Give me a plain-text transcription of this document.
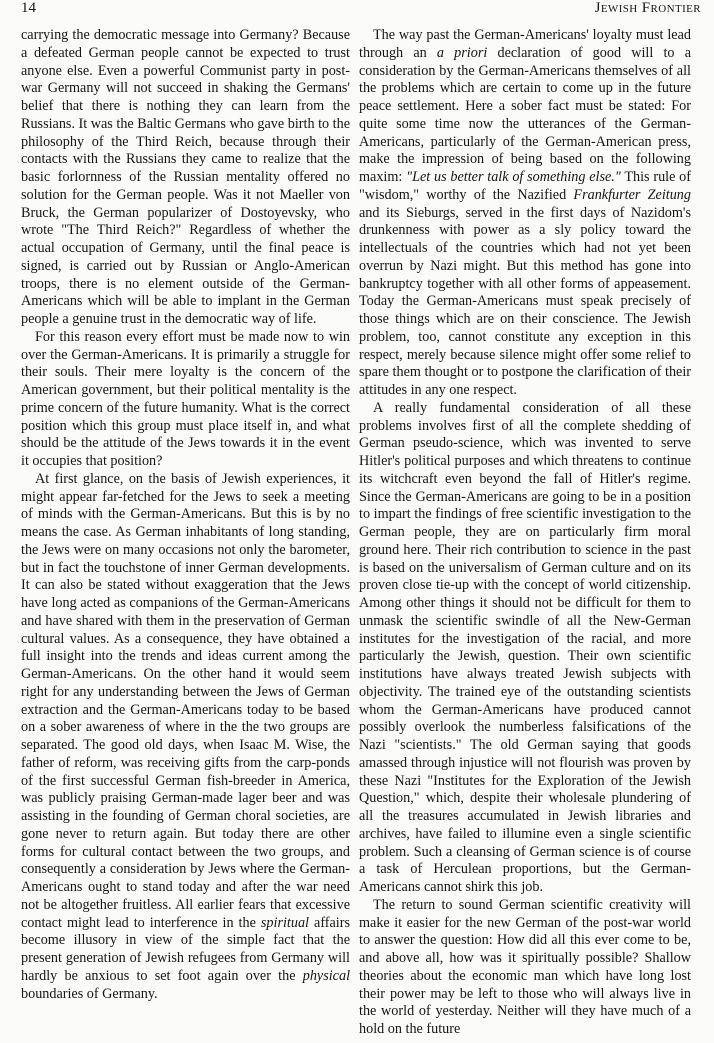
14	Jewish Frontier

carrying the democratic message into Germany? Because a defeated German people cannot be expected to trust anyone else. Even a powerful Communist party in post-war Germany will not succeed in shaking the Germans' belief that there is nothing they can learn from the Russians. It was the Baltic Germans who gave birth to the philosophy of the Third Reich, because through their contacts with the Russians they came to realize that the basic forlornness of the Russian mentality offered no solution for the German people. Was it not Maeller von Bruck, the German popularizer of Dostoyevsky, who wrote "The Third Reich?" Regardless of whether the actual occupation of Germany, until the final peace is signed, is carried out by Russian or Anglo-American troops, there is no element outside of the German-Americans which will be able to implant in the German people a genuine trust in the democratic way of life.

For this reason every effort must be made now to win over the German-Americans. It is primarily a struggle for their souls. Their mere loyalty is the concern of the American government, but their political mentality is the prime concern of the future humanity. What is the correct position which this group must place itself in, and what should be the attitude of the Jews towards it in the event it occupies that position?

At first glance, on the basis of Jewish experiences, it might appear far-fetched for the Jews to seek a meeting of minds with the German-Americans. But this is by no means the case. As German inhabitants of long standing, the Jews were on many occasions not only the barometer, but in fact the touchstone of inner German developments. It can also be stated without exaggeration that the Jews have long acted as companions of the German-Americans and have shared with them in the preservation of German cultural values. As a consequence, they have obtained a full insight into the trends and ideas current among the German-Americans. On the other hand it would seem right for any understanding between the Jews of German extraction and the German-Americans today to be based on a sober awareness of where in the the two groups are separated. The good old days, when Isaac M. Wise, the father of reform, was receiving gifts from the carp-ponds of the first successful German fish-breeder in America, was publicly praising German-made lager beer and was assisting in the founding of German choral societies, are gone never to return again. But today there are other forms for cultural contact between the two groups, and consequently a consideration by Jews where the German-Americans ought to stand today and after the war need not be altogether fruitless. All earlier fears that excessive contact might lead to interference in the spiritual affairs become illusory in view of the simple fact that the present generation of Jewish refugees from Germany will hardly be anxious to set foot again over the physical boundaries of Germany.

The way past the German-Americans' loyalty must lead through an a priori declaration of good will to a consideration by the German-Americans themselves of all the problems which are certain to come up in the future peace settlement. Here a sober fact must be stated: For quite some time now the utterances of the German-Americans, particularly of the German-American press, make the impression of being based on the following maxim: "Let us better talk of something else." This rule of "wisdom," worthy of the Nazified Frankfurter Zeitung and its Sieburgs, served in the first days of Nazidom's drunkenness with power as a sly policy toward the intellectuals of the countries which had not yet been overrun by Nazi might. But this method has gone into bankruptcy together with all other forms of appeasement. Today the German-Americans must speak precisely of those things which are on their conscience. The Jewish problem, too, cannot constitute any exception in this respect, merely because silence might offer some relief to spare them thought or to postpone the clarification of their attitudes in any one respect.

A really fundamental consideration of all these problems involves first of all the complete shedding of German pseudo-science, which was invented to serve Hitler's political purposes and which threatens to continue its witchcraft even beyond the fall of Hitler's regime. Since the German-Americans are going to be in a position to impart the findings of free scientific investigation to the German people, they are on particularly firm moral ground here. Their rich contribution to science in the past is based on the universalism of German culture and on its proven close tie-up with the concept of world citizenship. Among other things it should not be difficult for them to unmask the scientific swindle of all the New-German institutes for the investigation of the racial, and more particularly the Jewish, question. Their own scientific institutions have always treated Jewish subjects with objectivity. The trained eye of the outstanding scientists whom the German-Americans have produced cannot possibly overlook the numberless falsifications of the Nazi "scientists." The old German saying that goods amassed through injustice will not flourish was proven by these Nazi "Institutes for the Exploration of the Jewish Question," which, despite their wholesale plundering of all the treasures accumulated in Jewish libraries and archives, have failed to illumine even a single scientific problem. Such a cleansing of German science is of course a task of Herculean proportions, but the German-Americans cannot shirk this job.

The return to sound German scientific creativity will make it easier for the new German of the post-war world to answer the question: How did all this ever come to be, and above all, how was it spiritually possible? Shallow theories about the economic man which have long lost their power may be left to those who will always live in the world of yesterday. Neither will they have much of a hold on the future
